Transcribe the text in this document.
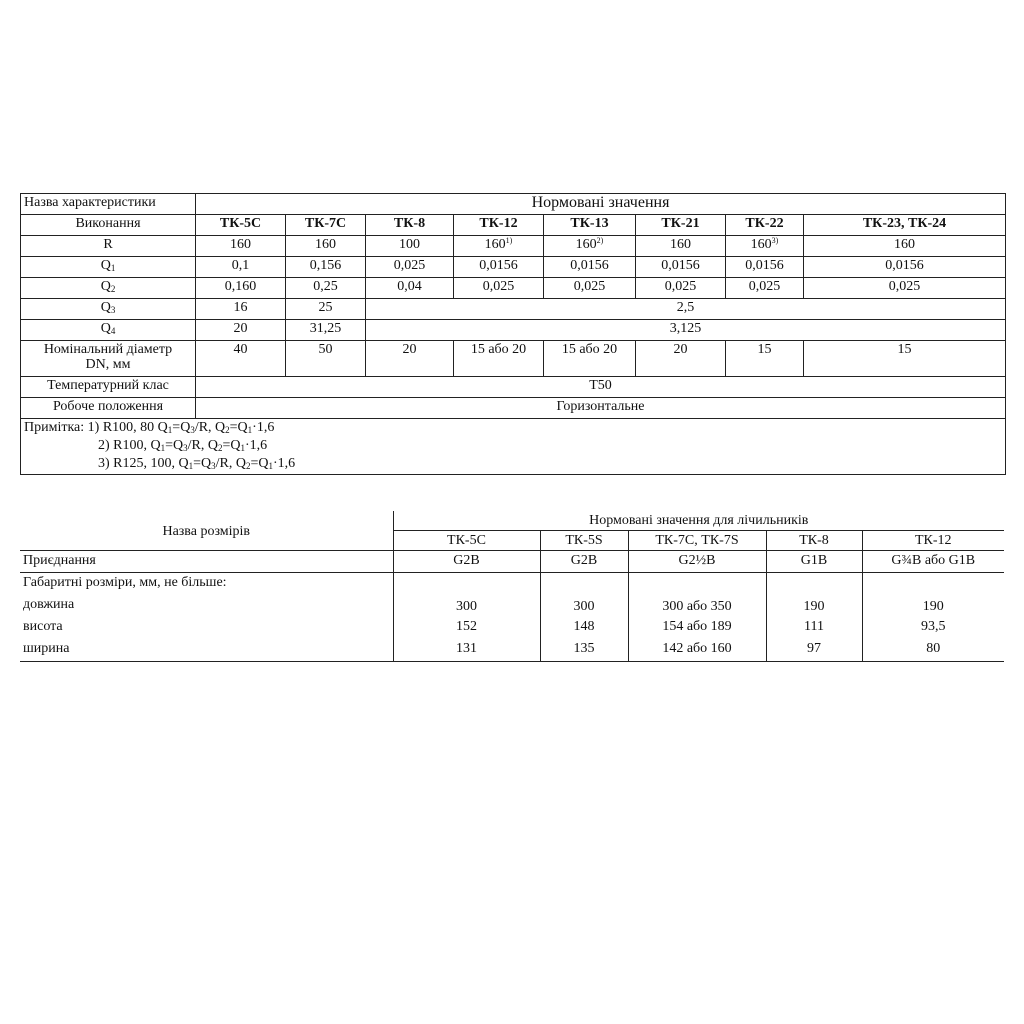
Назва характеристики	Нормовані значення							
Виконання	ТК-5С	ТК-7С	ТК-8	ТК-12	ТК-13	ТК-21	ТК-22	ТК-23, ТК-24
R	160	160	100	160$^{1)}$	160$^{2)}$	160	160$^{3)}$	160
$Q_1$	0,1	0,156	0,025	0,0156	0,0156	0,0156	0,0156	0,0156
$Q_2$	0,160	0,25	0,04	0,025	0,025	0,025	0,025	0,025
$Q_3$	16	25	2,5					
$Q_4$	20	31,25	3,125					
Номінальний діаметр
DN, мм	40	50	20	15 або 20	15 або 20	20	15	15
Температурний клас	Т50							
Робоче положення	Горизонтальне							

Примітка: 1) R100, 80 $Q_1=Q_3/R$, $Q_2=Q_1\cdot 1,6$
2) R100, $Q_1=Q_3/R$, $Q_2=Q_1\cdot 1,6$
3) R125, 100, $Q_1=Q_3/R$, $Q_2=Q_1\cdot 1,6$								
Назва розмірів	Нормовані значення для лічильників				
	ТК-5С	ТК-5S	ТК-7С, ТК-7S	ТК-8	ТК-12
Приєднання	G2B	G2B	G2½B	G1B	G¾B або G1B
Габаритні розміри, мм, не більше:					
довжина	300	300	300 або 350	190	190
висота	152	148	154 або 189	111	93,5
ширина	131	135	142 або 160	97	80
